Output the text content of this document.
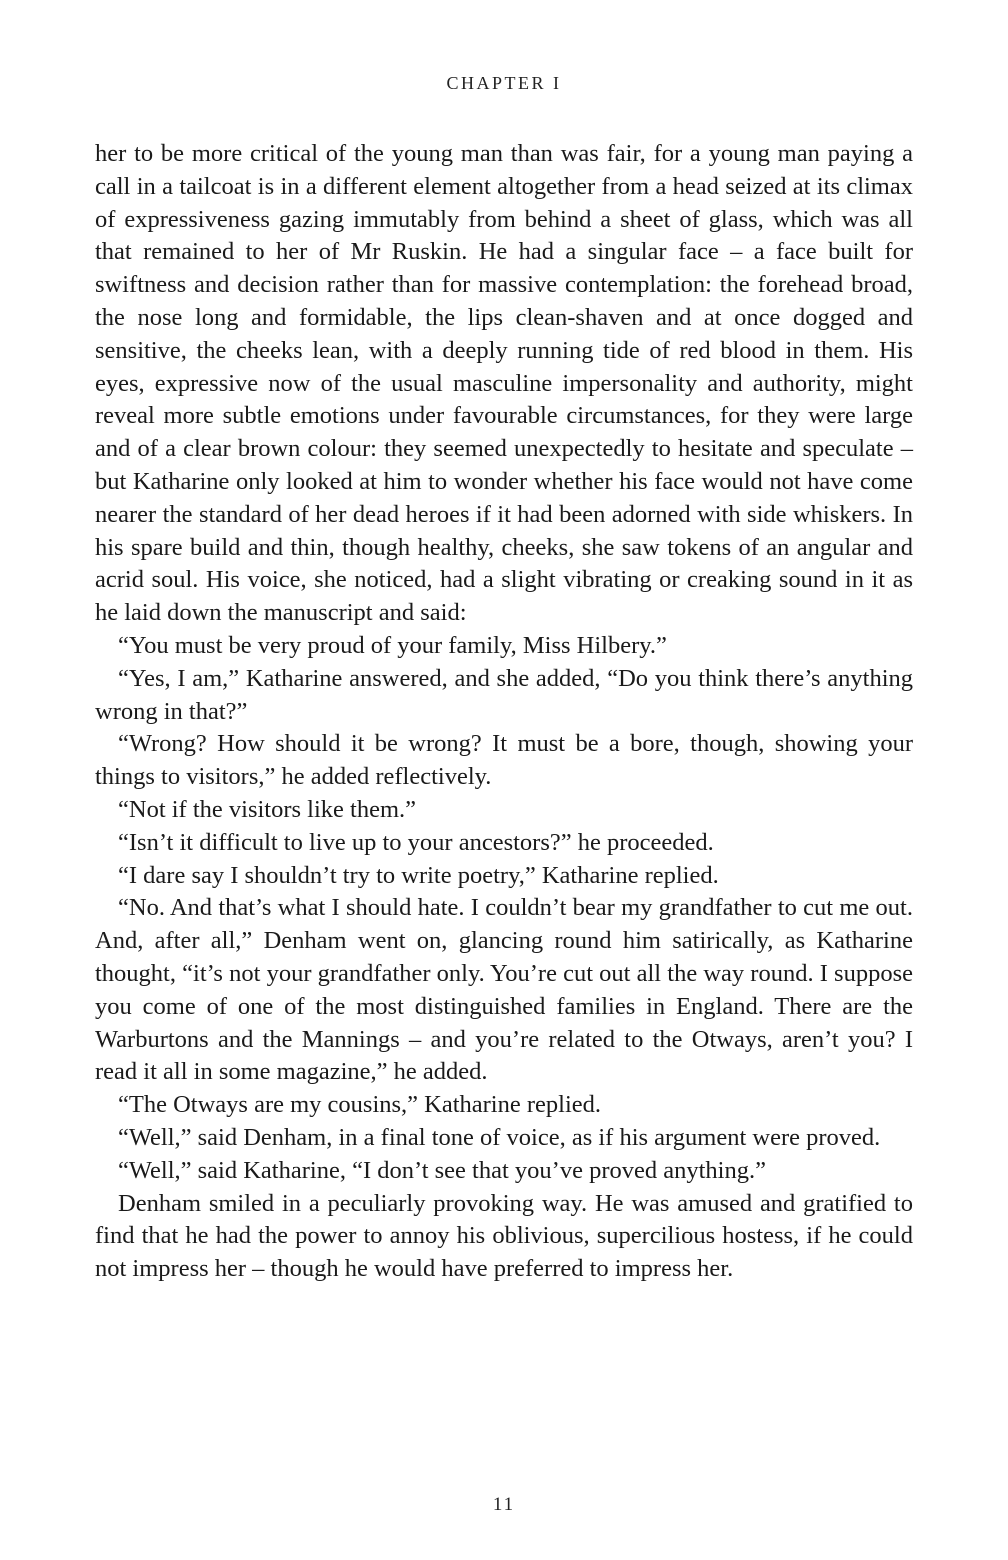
CHAPTER I

her to be more critical of the young man than was fair, for a young man paying a call in a tailcoat is in a different element altogether from a head seized at its climax of expressiveness gazing immutably from behind a sheet of glass, which was all that remained to her of Mr Ruskin. He had a singular face – a face built for swiftness and decision rather than for massive contemplation: the forehead broad, the nose long and formidable, the lips clean-shaven and at once dogged and sensitive, the cheeks lean, with a deeply running tide of red blood in them. His eyes, expressive now of the usual masculine impersonality and authority, might reveal more subtle emotions under favourable circumstances, for they were large and of a clear brown colour: they seemed unexpectedly to hesitate and speculate – but Katharine only looked at him to wonder whether his face would not have come nearer the standard of her dead heroes if it had been adorned with side whiskers. In his spare build and thin, though healthy, cheeks, she saw tokens of an angular and acrid soul. His voice, she noticed, had a slight vibrating or creaking sound in it as he laid down the manuscript and said:

“You must be very proud of your family, Miss Hilbery.”

“Yes, I am,” Katharine answered, and she added, “Do you think there’s anything wrong in that?”

“Wrong? How should it be wrong? It must be a bore, though, showing your things to visitors,” he added reflectively.

“Not if the visitors like them.”

“Isn’t it difficult to live up to your ancestors?” he proceeded.

“I dare say I shouldn’t try to write poetry,” Katharine replied.

“No. And that’s what I should hate. I couldn’t bear my grandfather to cut me out. And, after all,” Denham went on, glancing round him satirically, as Katharine thought, “it’s not your grandfather only. You’re cut out all the way round. I suppose you come of one of the most distinguished families in England. There are the Warburtons and the Mannings – and you’re related to the Otways, aren’t you? I read it all in some magazine,” he added.

“The Otways are my cousins,” Katharine replied.

“Well,” said Denham, in a final tone of voice, as if his argument were proved.

“Well,” said Katharine, “I don’t see that you’ve proved anything.”

Denham smiled in a peculiarly provoking way. He was amused and gratified to find that he had the power to annoy his oblivious, supercilious hostess, if he could not impress her – though he would have preferred to impress her.

11
